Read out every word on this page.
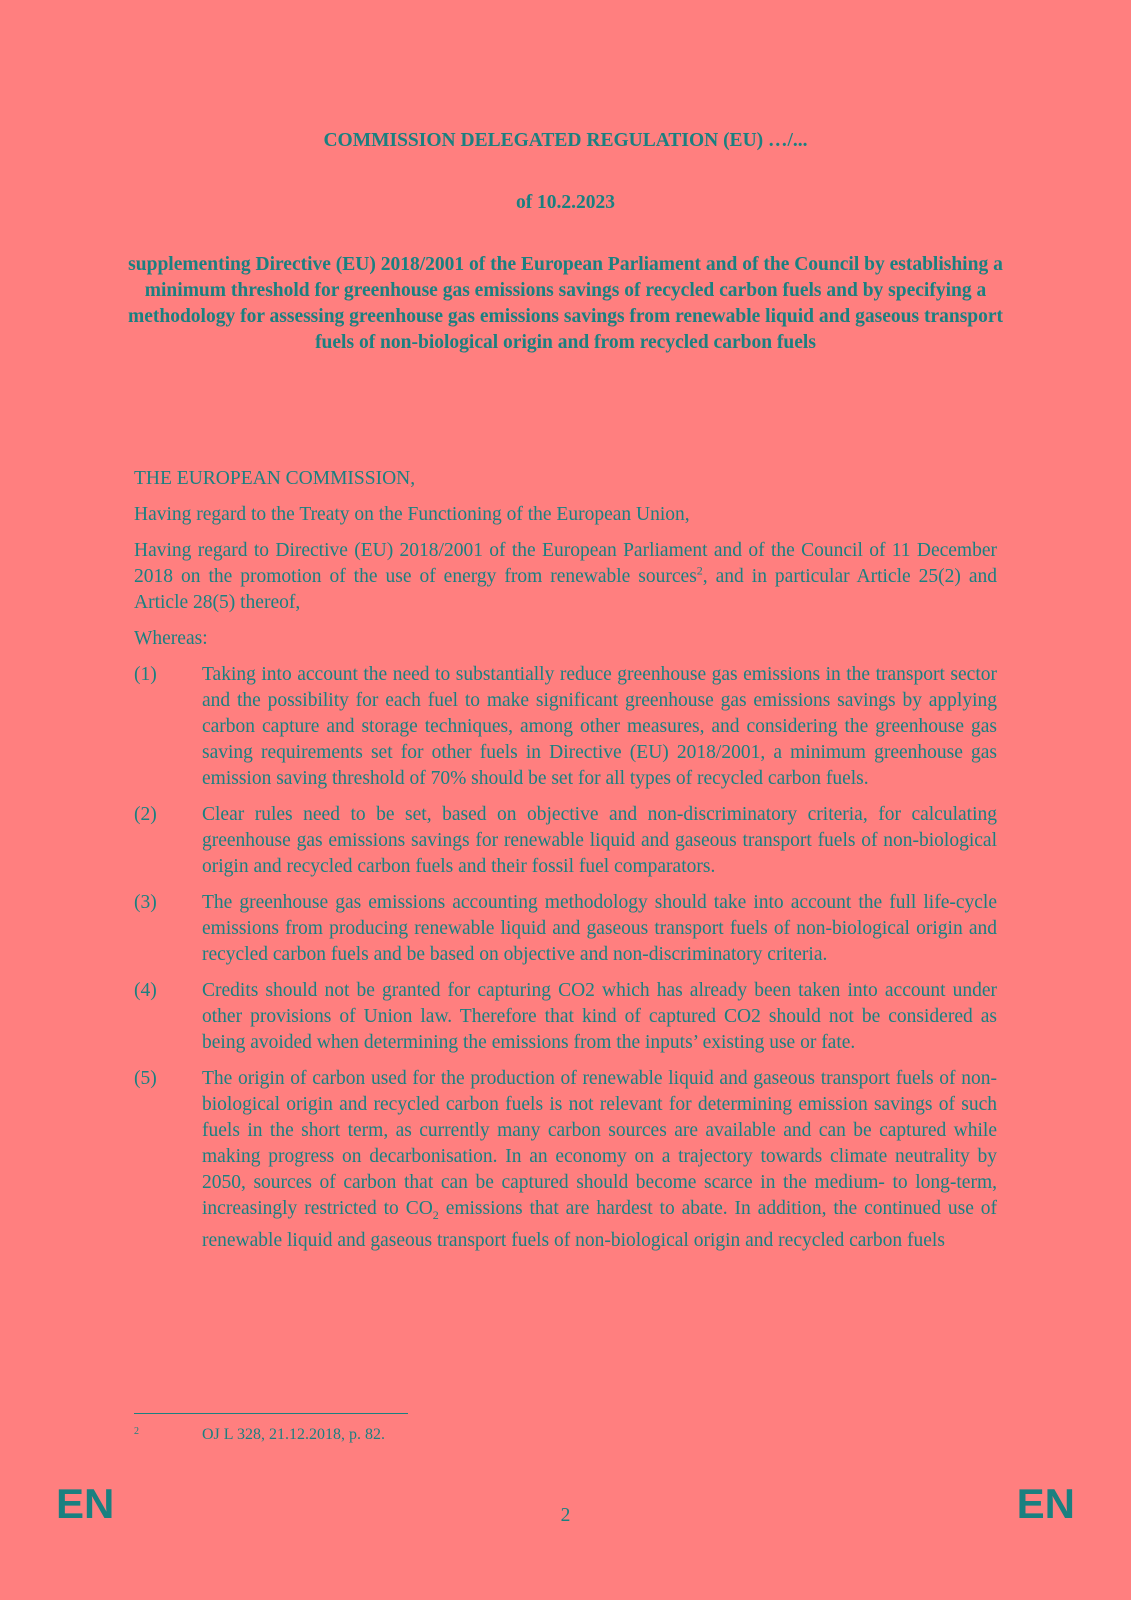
COMMISSION DELEGATED REGULATION (EU) …/...
of 10.2.2023
supplementing Directive (EU) 2018/2001 of the European Parliament and of the Council by establishing a minimum threshold for greenhouse gas emissions savings of recycled carbon fuels and by specifying a methodology for assessing greenhouse gas emissions savings from renewable liquid and gaseous transport fuels of non-biological origin and from recycled carbon fuels

THE EUROPEAN COMMISSION,

Having regard to the Treaty on the Functioning of the European Union,

Having regard to Directive (EU) 2018/2001 of the European Parliament and of the Council of 11 December 2018 on the promotion of the use of energy from renewable sources$^2$, and in particular Article 25(2) and Article 28(5) thereof,

Whereas:

(1)	Taking into account the need to substantially reduce greenhouse gas emissions in the transport sector and the possibility for each fuel to make significant greenhouse gas emissions savings by applying carbon capture and storage techniques, among other measures, and considering the greenhouse gas saving requirements set for other fuels in Directive (EU) 2018/2001, a minimum greenhouse gas emission saving threshold of 70% should be set for all types of recycled carbon fuels.
(2)	Clear rules need to be set, based on objective and non-discriminatory criteria, for calculating greenhouse gas emissions savings for renewable liquid and gaseous transport fuels of non-biological origin and recycled carbon fuels and their fossil fuel comparators.
(3)	The greenhouse gas emissions accounting methodology should take into account the full life-cycle emissions from producing renewable liquid and gaseous transport fuels of non-biological origin and recycled carbon fuels and be based on objective and non-discriminatory criteria.
(4)	Credits should not be granted for capturing CO2 which has already been taken into account under other provisions of Union law. Therefore that kind of captured CO2 should not be considered as being avoided when determining the emissions from the inputs’ existing use or fate.
(5)	The origin of carbon used for the production of renewable liquid and gaseous transport fuels of non-biological origin and recycled carbon fuels is not relevant for determining emission savings of such fuels in the short term, as currently many carbon sources are available and can be captured while making progress on decarbonisation. In an economy on a trajectory towards climate neutrality by 2050, sources of carbon that can be captured should become scarce in the medium- to long-term, increasingly restricted to $CO_2$ emissions that are hardest to abate. In addition, the continued use of renewable liquid and gaseous transport fuels of non-biological origin and recycled carbon fuels
2	OJ L 328, 21.12.2018, p. 82.
EN	2	EN
